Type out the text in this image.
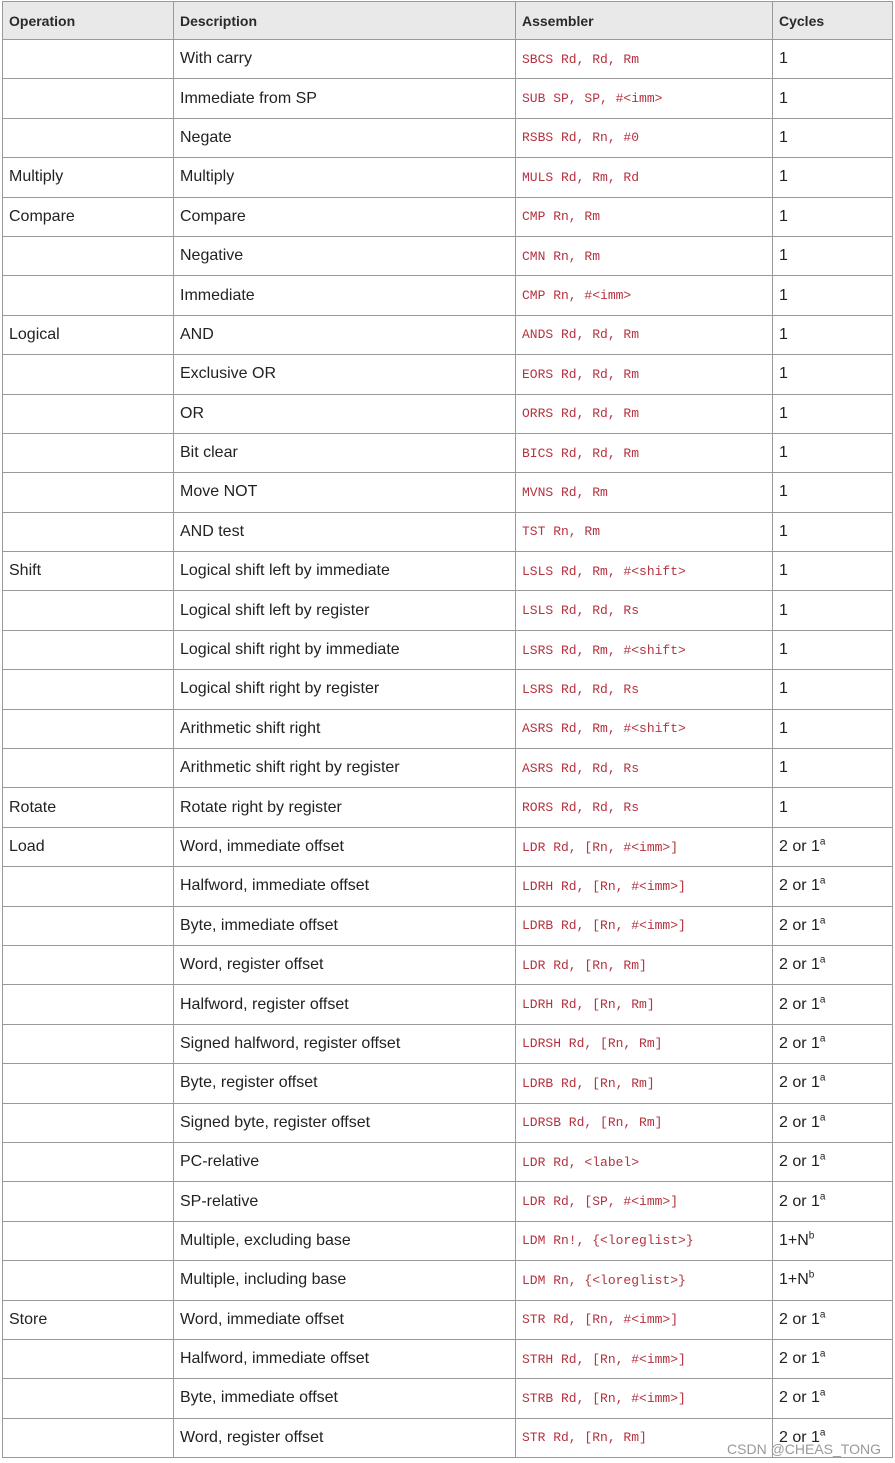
Operation	Description	Assembler	Cycles
	With carry	SBCS Rd, Rd, Rm	1
	Immediate from SP	SUB SP, SP, #<imm>	1
	Negate	RSBS Rd, Rn, #0	1
Multiply	Multiply	MULS Rd, Rm, Rd	1
Compare	Compare	CMP Rn, Rm	1
	Negative	CMN Rn, Rm	1
	Immediate	CMP Rn, #<imm>	1
Logical	AND	ANDS Rd, Rd, Rm	1
	Exclusive OR	EORS Rd, Rd, Rm	1
	OR	ORRS Rd, Rd, Rm	1
	Bit clear	BICS Rd, Rd, Rm	1
	Move NOT	MVNS Rd, Rm	1
	AND test	TST Rn, Rm	1
Shift	Logical shift left by immediate	LSLS Rd, Rm, #<shift>	1
	Logical shift left by register	LSLS Rd, Rd, Rs	1
	Logical shift right by immediate	LSRS Rd, Rm, #<shift>	1
	Logical shift right by register	LSRS Rd, Rd, Rs	1
	Arithmetic shift right	ASRS Rd, Rm, #<shift>	1
	Arithmetic shift right by register	ASRS Rd, Rd, Rs	1
Rotate	Rotate right by register	RORS Rd, Rd, Rs	1
Load	Word, immediate offset	LDR Rd, [Rn, #<imm>]	2 or 1$^a$
	Halfword, immediate offset	LDRH Rd, [Rn, #<imm>]	2 or 1$^a$
	Byte, immediate offset	LDRB Rd, [Rn, #<imm>]	2 or 1$^a$
	Word, register offset	LDR Rd, [Rn, Rm]	2 or 1$^a$
	Halfword, register offset	LDRH Rd, [Rn, Rm]	2 or 1$^a$
	Signed halfword, register offset	LDRSH Rd, [Rn, Rm]	2 or 1$^a$
	Byte, register offset	LDRB Rd, [Rn, Rm]	2 or 1$^a$
	Signed byte, register offset	LDRSB Rd, [Rn, Rm]	2 or 1$^a$
	PC-relative	LDR Rd, <label>	2 or 1$^a$
	SP-relative	LDR Rd, [SP, #<imm>]	2 or 1$^a$
	Multiple, excluding base	LDM Rn!, {<loreglist>}	1+N$^b$
	Multiple, including base	LDM Rn, {<loreglist>}	1+N$^b$
Store	Word, immediate offset	STR Rd, [Rn, #<imm>]	2 or 1$^a$
	Halfword, immediate offset	STRH Rd, [Rn, #<imm>]	2 or 1$^a$
	Byte, immediate offset	STRB Rd, [Rn, #<imm>]	2 or 1$^a$
	Word, register offset	STR Rd, [Rn, Rm]	2 or 1$^a$
CSDN @CHEAS_TONG
